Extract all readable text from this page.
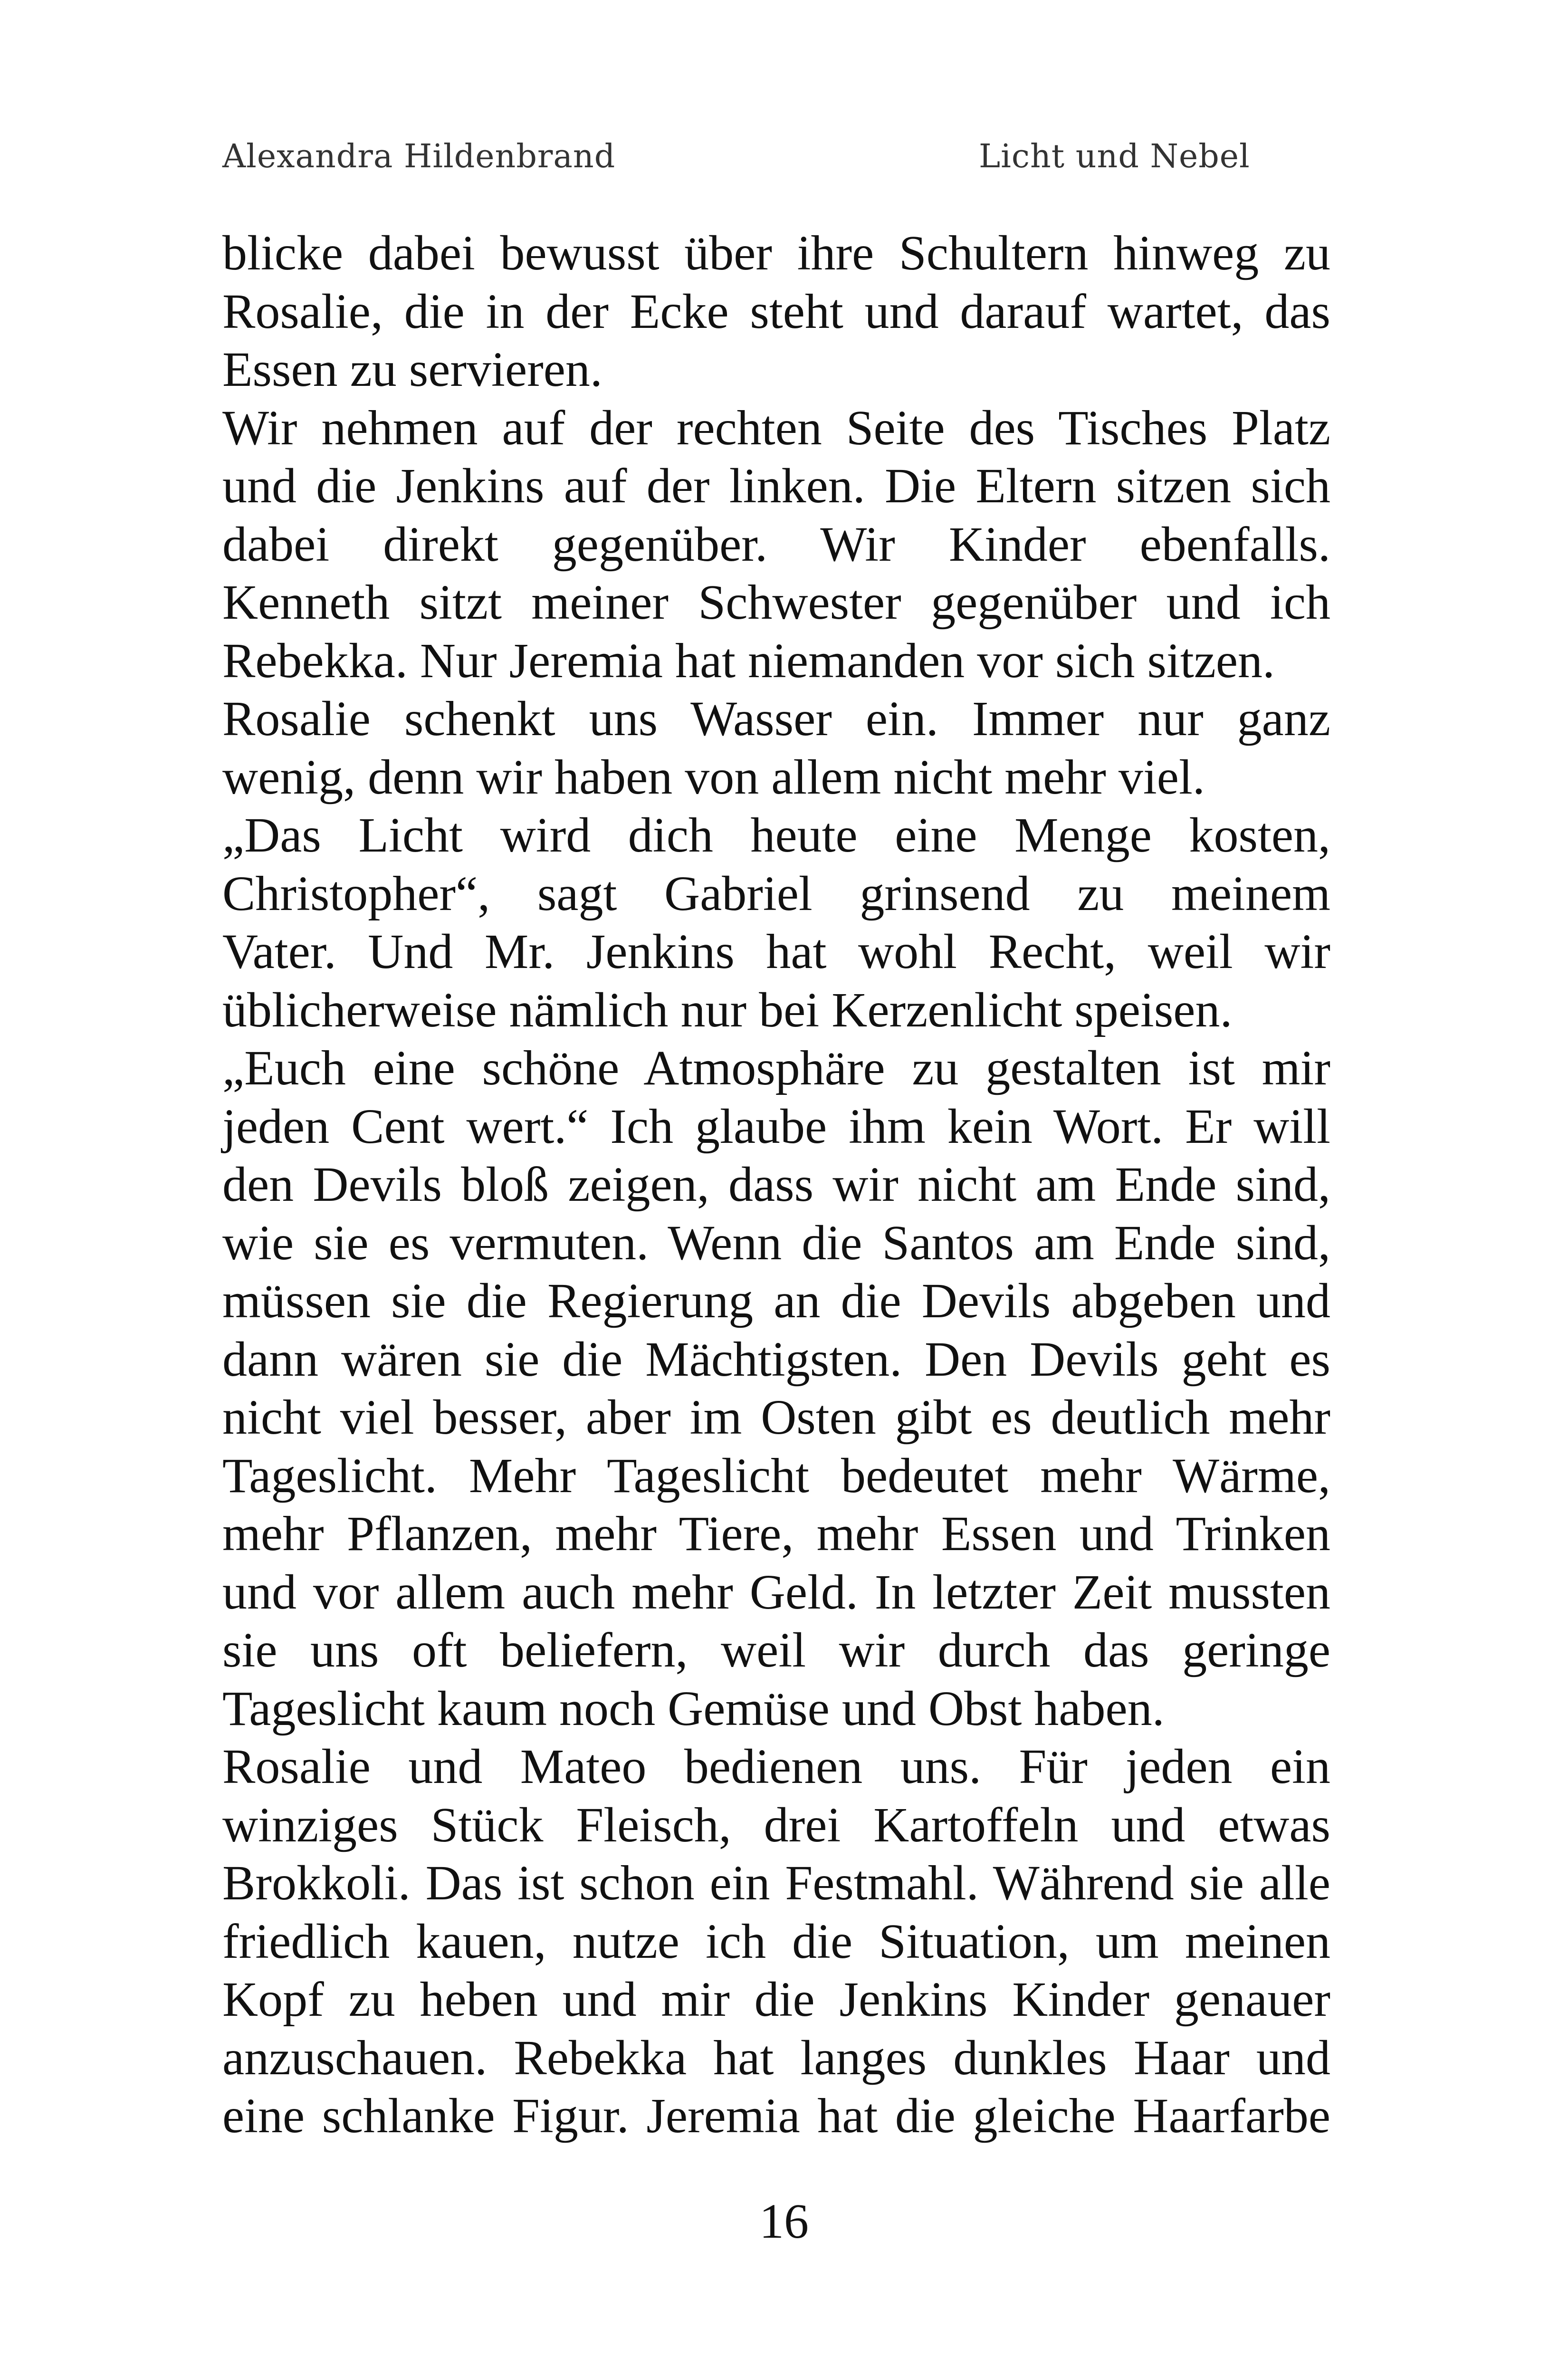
Alexandra Hildenbrand	Licht und Nebel
blicke dabei bewusst über ihre Schultern hinweg zu
Rosalie, die in der Ecke steht und darauf wartet, das
Essen zu servieren.
Wir nehmen auf der rechten Seite des Tisches Platz
und die Jenkins auf der linken. Die Eltern sitzen sich
dabei direkt gegenüber. Wir Kinder ebenfalls.
Kenneth sitzt meiner Schwester gegenüber und ich
Rebekka. Nur Jeremia hat niemanden vor sich sitzen.
Rosalie schenkt uns Wasser ein. Immer nur ganz
wenig, denn wir haben von allem nicht mehr viel.
„Das Licht wird dich heute eine Menge kosten,
Christopher“, sagt Gabriel grinsend zu meinem
Vater. Und Mr. Jenkins hat wohl Recht, weil wir
üblicherweise nämlich nur bei Kerzenlicht speisen.
„Euch eine schöne Atmosphäre zu gestalten ist mir
jeden Cent wert.“ Ich glaube ihm kein Wort. Er will
den Devils bloß zeigen, dass wir nicht am Ende sind,
wie sie es vermuten. Wenn die Santos am Ende sind,
müssen sie die Regierung an die Devils abgeben und
dann wären sie die Mächtigsten. Den Devils geht es
nicht viel besser, aber im Osten gibt es deutlich mehr
Tageslicht. Mehr Tageslicht bedeutet mehr Wärme,
mehr Pflanzen, mehr Tiere, mehr Essen und Trinken
und vor allem auch mehr Geld. In letzter Zeit mussten
sie uns oft beliefern, weil wir durch das geringe
Tageslicht kaum noch Gemüse und Obst haben.
Rosalie und Mateo bedienen uns. Für jeden ein
winziges Stück Fleisch, drei Kartoffeln und etwas
Brokkoli. Das ist schon ein Festmahl. Während sie alle
friedlich kauen, nutze ich die Situation, um meinen
Kopf zu heben und mir die Jenkins Kinder genauer
anzuschauen. Rebekka hat langes dunkles Haar und
eine schlanke Figur. Jeremia hat die gleiche Haarfarbe
16
